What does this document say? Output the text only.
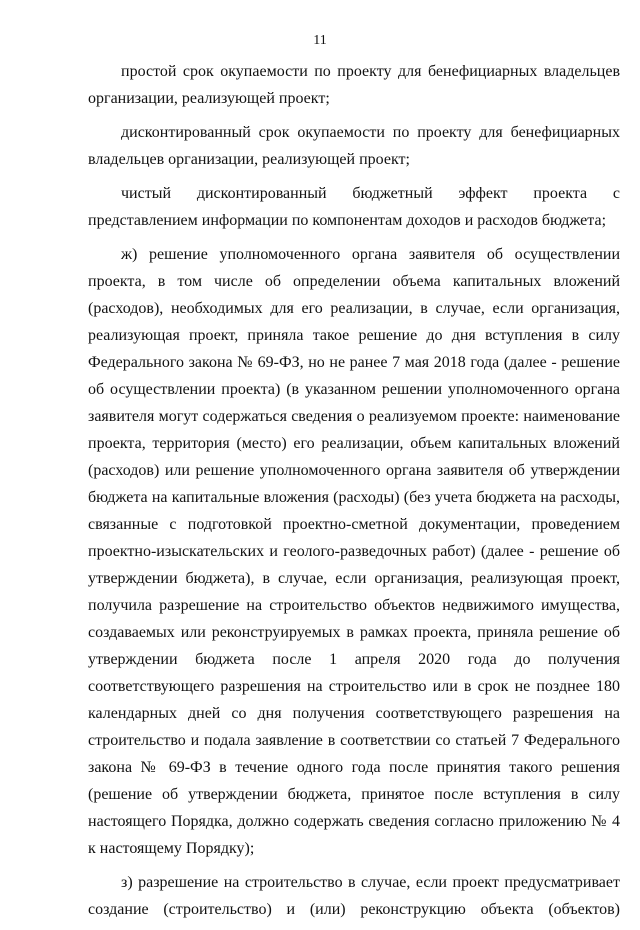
11

простой срок окупаемости по проекту для бенефициарных владельцев организации, реализующей проект;

дисконтированный срок окупаемости по проекту для бенефициарных владельцев организации, реализующей проект;

чистый дисконтированный бюджетный эффект проекта с представлением информации по компонентам доходов и расходов бюджета;

ж) решение уполномоченного органа заявителя об осуществлении проекта, в том числе об определении объема капитальных вложений (расходов), необходимых для его реализации, в случае, если организация, реализующая проект, приняла такое решение до дня вступления в силу Федерального закона № 69-ФЗ, но не ранее 7 мая 2018 года (далее - решение об осуществлении проекта) (в указанном решении уполномоченного органа заявителя могут содержаться сведения о реализуемом проекте: наименование проекта, территория (место) его реализации, объем капитальных вложений (расходов) или решение уполномоченного органа заявителя об утверждении бюджета на капитальные вложения (расходы) (без учета бюджета на расходы, связанные с подготовкой проектно-сметной документации, проведением проектно-изыскательских и геолого-разведочных работ) (далее - решение об утверждении бюджета), в случае, если организация, реализующая проект, получила разрешение на строительство объектов недвижимого имущества, создаваемых или реконструируемых в рамках проекта, приняла решение об утверждении бюджета после 1 апреля 2020 года до получения соответствующего разрешения на строительство или в срок не позднее 180 календарных дней со дня получения соответствующего разрешения на строительство и подала заявление в соответствии со статьей 7 Федерального закона № 69-ФЗ в течение одного года после принятия такого решения (решение об утверждении бюджета, принятое после вступления в силу настоящего Порядка, должно содержать сведения согласно приложению № 4 к настоящему Порядку);

з) разрешение на строительство в случае, если проект предусматривает создание (строительство) и (или) реконструкцию объекта (объектов)
